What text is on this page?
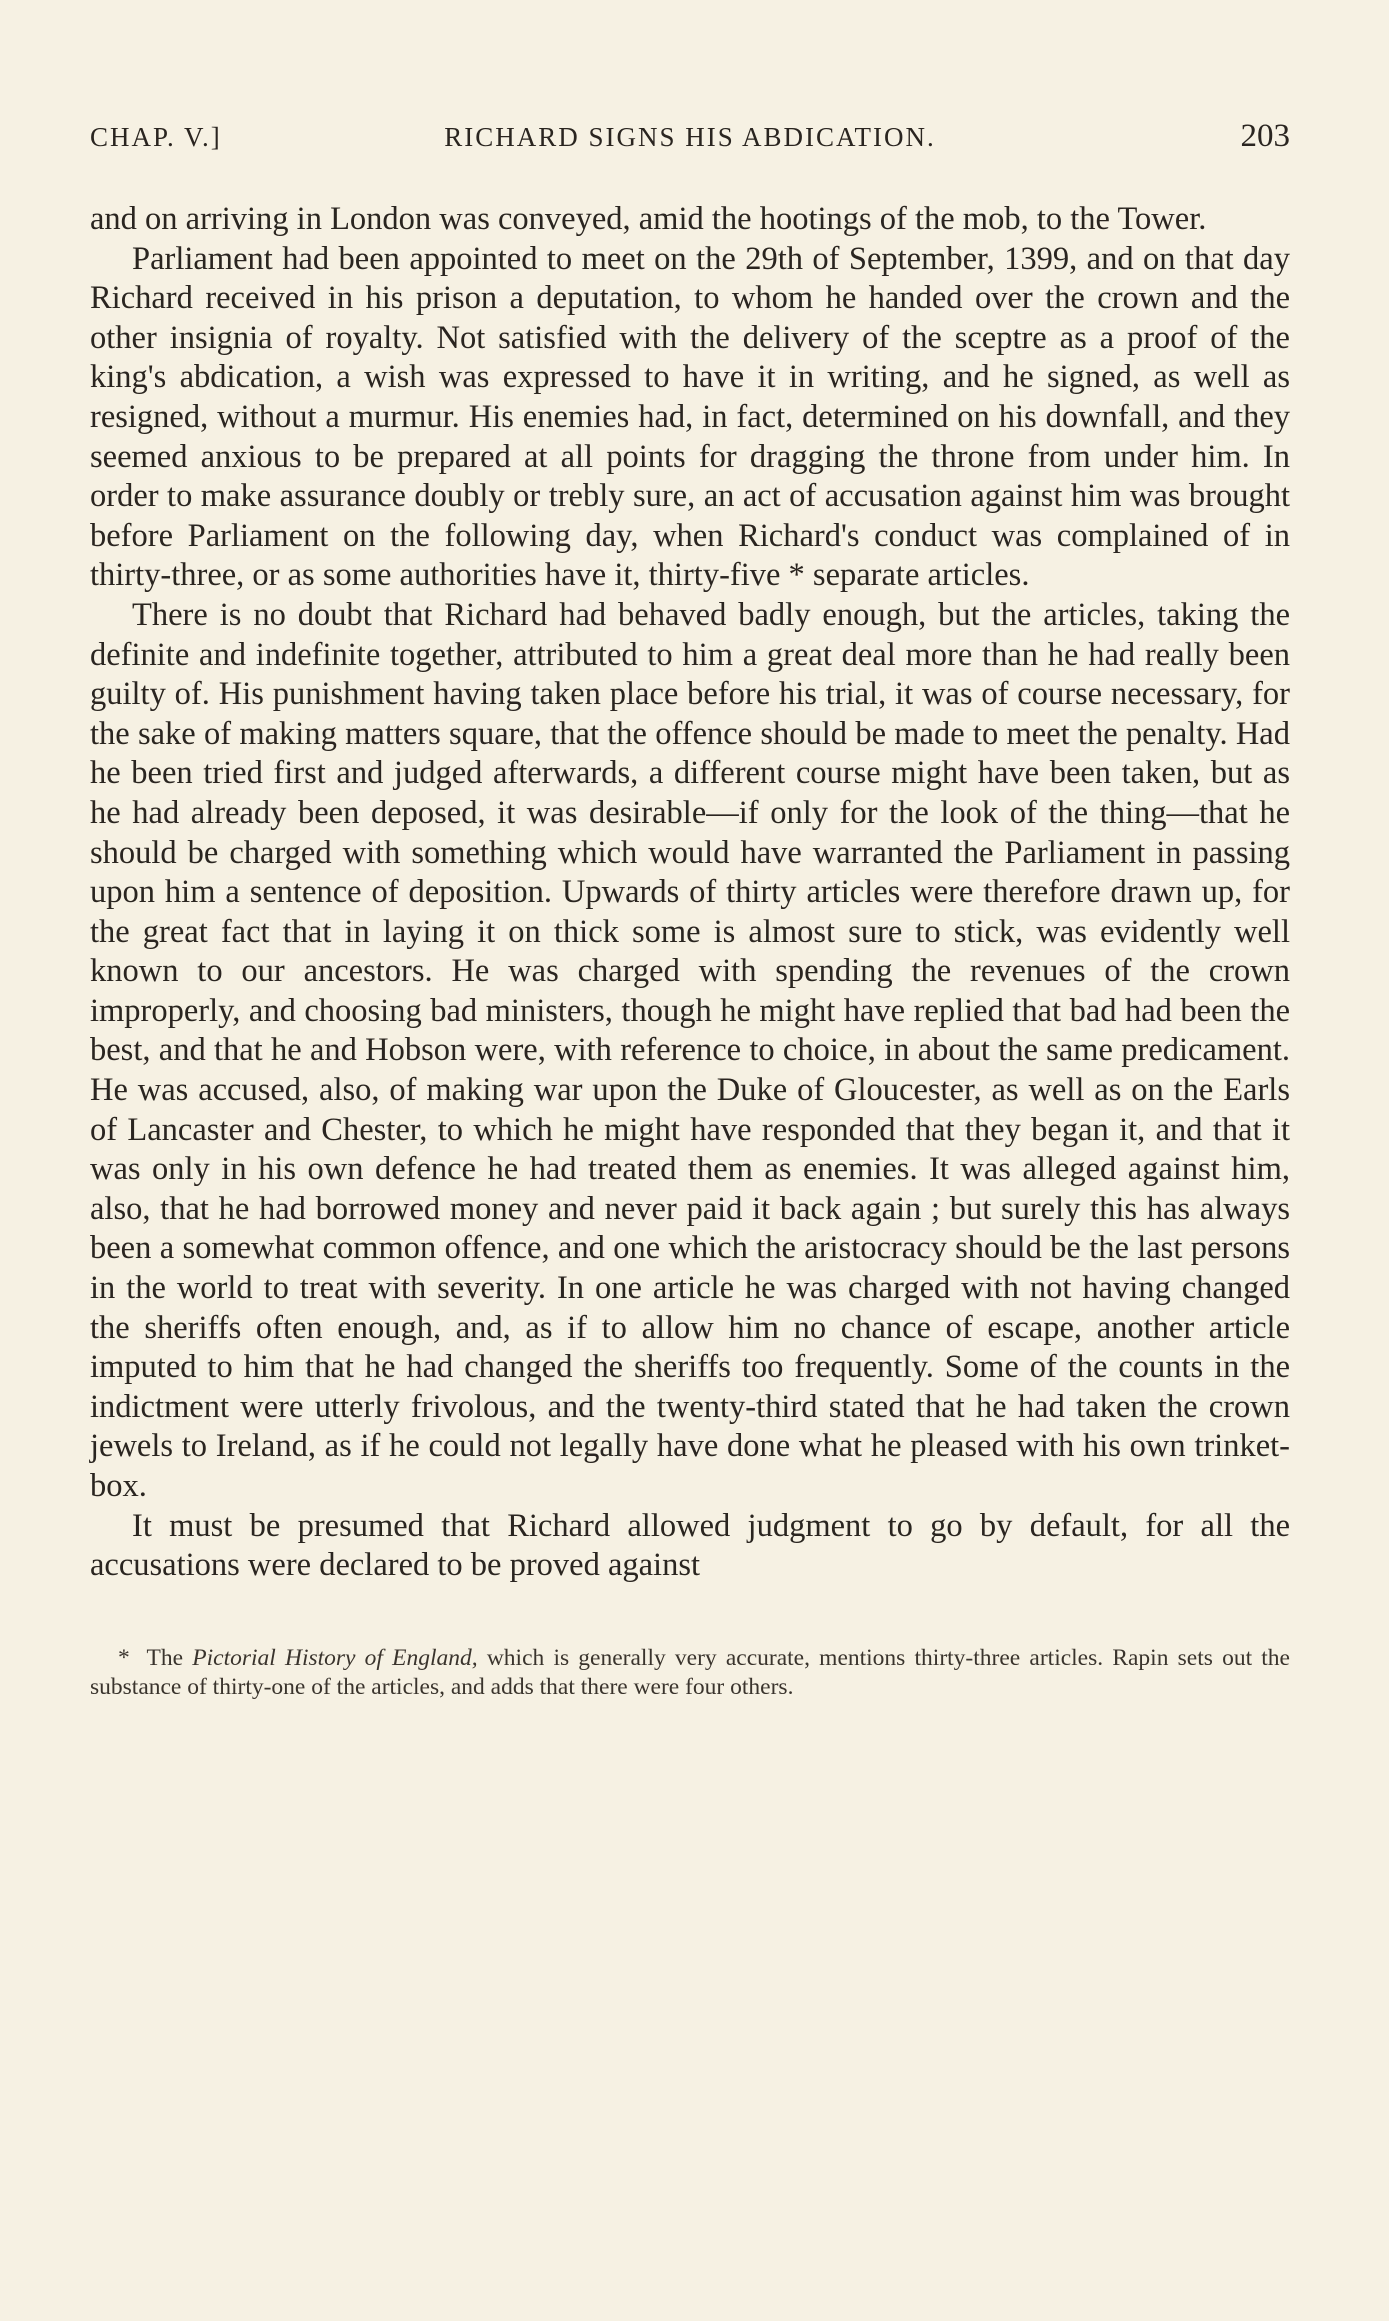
CHAP. V.]	RICHARD SIGNS HIS ABDICATION.	203

and on arriving in London was conveyed, amid the hootings of the mob, to the Tower.

Parliament had been appointed to meet on the 29th of September, 1399, and on that day Richard received in his prison a deputation, to whom he handed over the crown and the other insignia of royalty. Not satisfied with the delivery of the sceptre as a proof of the king's abdication, a wish was expressed to have it in writing, and he signed, as well as resigned, without a murmur. His enemies had, in fact, determined on his downfall, and they seemed anxious to be prepared at all points for dragging the throne from under him. In order to make assurance doubly or trebly sure, an act of accusation against him was brought before Parliament on the following day, when Richard's conduct was complained of in thirty-three, or as some authorities have it, thirty-five * separate articles.

There is no doubt that Richard had behaved badly enough, but the articles, taking the definite and indefinite together, attributed to him a great deal more than he had really been guilty of. His punishment having taken place before his trial, it was of course necessary, for the sake of making matters square, that the offence should be made to meet the penalty. Had he been tried first and judged afterwards, a different course might have been taken, but as he had already been deposed, it was desirable—if only for the look of the thing—that he should be charged with something which would have warranted the Parliament in passing upon him a sentence of deposition. Upwards of thirty articles were therefore drawn up, for the great fact that in laying it on thick some is almost sure to stick, was evidently well known to our ancestors. He was charged with spending the revenues of the crown improperly, and choosing bad ministers, though he might have replied that bad had been the best, and that he and Hobson were, with reference to choice, in about the same predicament. He was accused, also, of making war upon the Duke of Gloucester, as well as on the Earls of Lancaster and Chester, to which he might have responded that they began it, and that it was only in his own defence he had treated them as enemies. It was alleged against him, also, that he had borrowed money and never paid it back again ; but surely this has always been a somewhat common offence, and one which the aristocracy should be the last persons in the world to treat with severity. In one article he was charged with not having changed the sheriffs often enough, and, as if to allow him no chance of escape, another article imputed to him that he had changed the sheriffs too frequently. Some of the counts in the indictment were utterly frivolous, and the twenty-third stated that he had taken the crown jewels to Ireland, as if he could not legally have done what he pleased with his own trinket-box.

It must be presumed that Richard allowed judgment to go by default, for all the accusations were declared to be proved against

* The Pictorial History of England, which is generally very accurate, mentions thirty-three articles. Rapin sets out the substance of thirty-one of the articles, and adds that there were four others.
